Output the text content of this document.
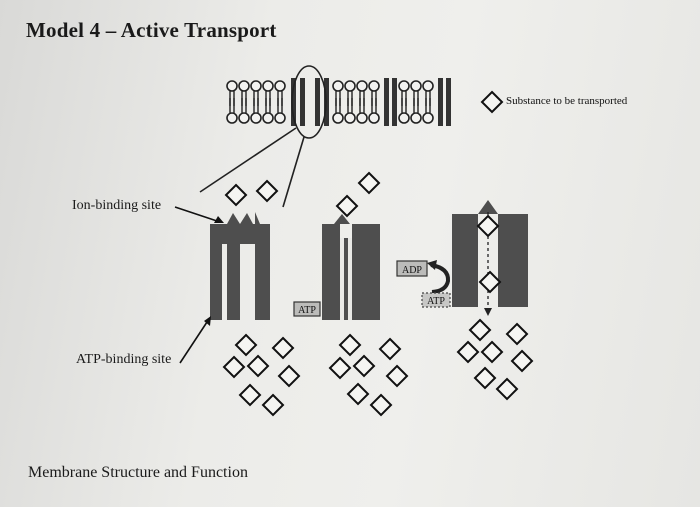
Model 4 – Active Transport
ATP
ADP
ATP
Substance to be transported
Ion-binding site
ATP-binding site
Membrane Structure and Function
